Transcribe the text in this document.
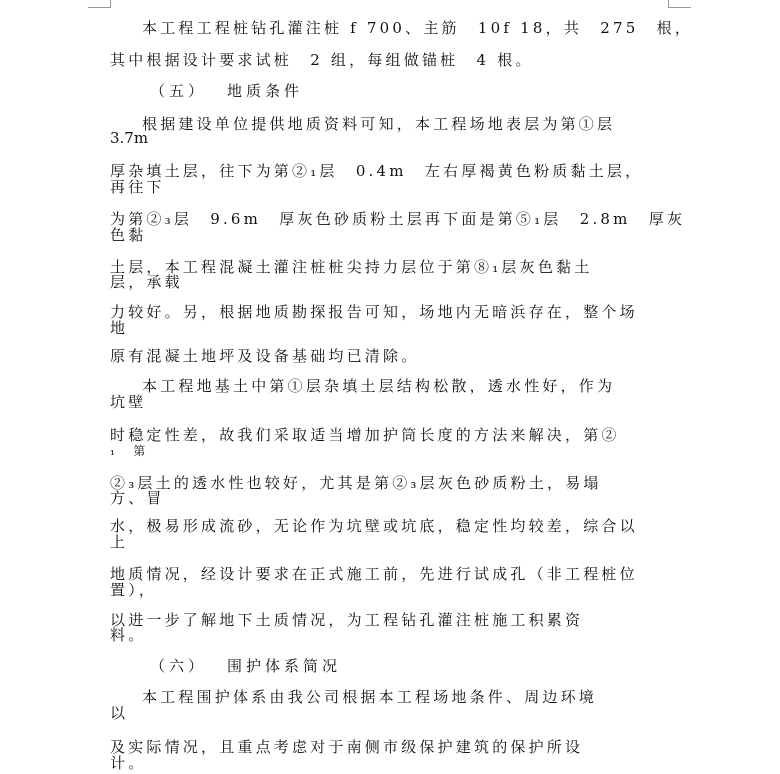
本工程工程桩钻孔灌注桩 f 700、主筋　10f 18，共　275　根，
其中根据设计要求试桩　2 组，每组做锚桩　4 根。
（五） 地质条件
根据建设单位提供地质资料可知，本工程场地表层为第①层
3.7m
厚杂填土层，往下为第②₁层　0.4m　左右厚褐黄色粉质黏土层，
再往下
为第②₃层　9.6m　厚灰色砂质粉土层再下面是第⑤₁层　2.8m　厚灰
色黏
土层，本工程混凝土灌注桩桩尖持力层位于第⑧₁层灰色黏土
层，承载
力较好。另，根据地质勘探报告可知，场地内无暗浜存在，整个场
地
原有混凝土地坪及设备基础均已清除。
本工程地基土中第①层杂填土层结构松散，透水性好，作为
坑壁
时稳定性差，故我们采取适当增加护筒长度的方法来解决，第②
₁　第
②₃层土的透水性也较好，尤其是第②₃层灰色砂质粉土，易塌
方、冒
水，极易形成流砂，无论作为坑壁或坑底，稳定性均较差，综合以
上
地质情况，经设计要求在正式施工前，先进行试成孔（非工程桩位
置），
以进一步了解地下土质情况，为工程钻孔灌注桩施工积累资
料。
（六） 围护体系简况
本工程围护体系由我公司根据本工程场地条件、周边环境
以
及实际情况，且重点考虑对于南侧市级保护建筑的保护所设
计。
